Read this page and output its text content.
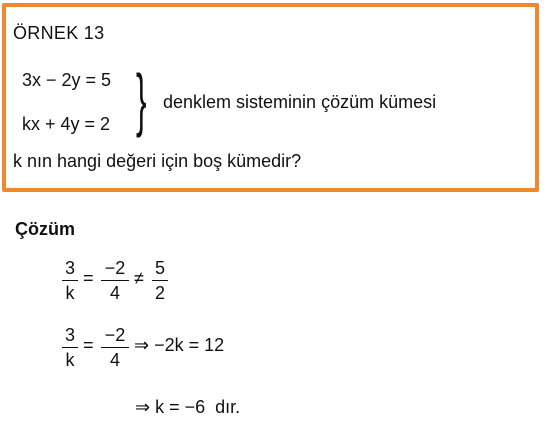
ÖRNEK 13
3x − 2y = 5
kx + 4y = 2 } denklem sisteminin çözüm kümesi
k nın hangi değeri için boş kümedir?
Çözüm
3
k
= −2
4
≠ 5
2
3
k
= −2
4
⇒ −2k = 12
⇒ k = −6  dır.
